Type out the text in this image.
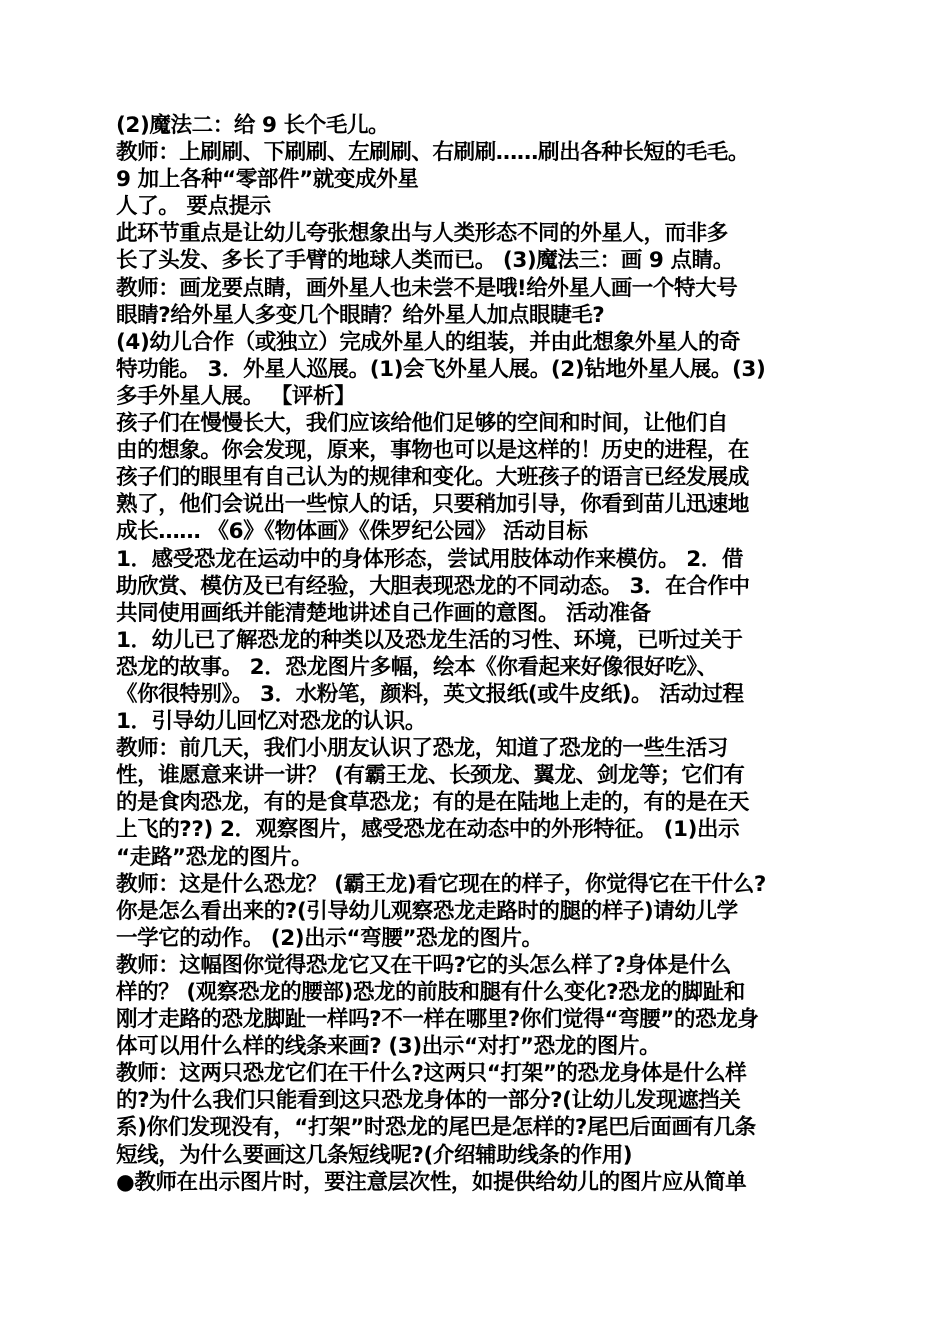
(2)魔法二：给 9 长个毛儿。
教师：上刷刷、下刷刷、左刷刷、右刷刷……刷出各种长短的毛毛。
9 加上各种“零部件”就变成外星
人了。 要点提示
此环节重点是让幼儿夸张想象出与人类形态不同的外星人，而非多
长了头发、多长了手臂的地球人类而已。 (3)魔法三：画 9 点睛。
教师：画龙要点睛，画外星人也未尝不是哦!给外星人画一个特大号
眼睛?给外星人多变几个眼睛？给外星人加点眼睫毛?
(4)幼儿合作（或独立）完成外星人的组装，并由此想象外星人的奇
特功能。 3．外星人巡展。(1)会飞外星人展。(2)钻地外星人展。(3)
多手外星人展。 【评析】
孩子们在慢慢长大，我们应该给他们足够的空间和时间，让他们自
由的想象。你会发现，原来，事物也可以是这样的！历史的进程，在
孩子们的眼里有自己认为的规律和变化。大班孩子的语言已经发展成
熟了，他们会说出一些惊人的话，只要稍加引导，你看到苗儿迅速地
成长…… 《6》《物体画》《侏罗纪公园》 活动目标
1．感受恐龙在运动中的身体形态，尝试用肢体动作来模仿。 2．借
助欣赏、模仿及已有经验，大胆表现恐龙的不同动态。 3．在合作中
共同使用画纸并能清楚地讲述自己作画的意图。 活动准备
1．幼儿已了解恐龙的种类以及恐龙生活的习性、环境，已听过关于
恐龙的故事。 2．恐龙图片多幅，绘本《你看起来好像很好吃》、
《你很特别》。 3．水粉笔，颜料，英文报纸(或牛皮纸)。 活动过程
1．引导幼儿回忆对恐龙的认识。
教师：前几天，我们小朋友认识了恐龙，知道了恐龙的一些生活习
性，谁愿意来讲一讲？ (有霸王龙、长颈龙、翼龙、剑龙等；它们有
的是食肉恐龙，有的是食草恐龙；有的是在陆地上走的，有的是在天
上飞的??) 2．观察图片，感受恐龙在动态中的外形特征。 (1)出示
“走路”恐龙的图片。
教师：这是什么恐龙？ (霸王龙)看它现在的样子，你觉得它在干什么?
你是怎么看出来的?(引导幼儿观察恐龙走路时的腿的样子)请幼儿学
一学它的动作。 (2)出示“弯腰”恐龙的图片。
教师：这幅图你觉得恐龙它又在干吗?它的头怎么样了?身体是什么
样的？ (观察恐龙的腰部)恐龙的前肢和腿有什么变化?恐龙的脚趾和
刚才走路的恐龙脚趾一样吗?不一样在哪里?你们觉得“弯腰”的恐龙身
体可以用什么样的线条来画? (3)出示“对打”恐龙的图片。
教师：这两只恐龙它们在干什么?这两只“打架”的恐龙身体是什么样
的?为什么我们只能看到这只恐龙身体的一部分?(让幼儿发现遮挡关
系)你们发现没有，“打架”时恐龙的尾巴是怎样的?尾巴后面画有几条
短线，为什么要画这几条短线呢?(介绍辅助线条的作用)
●教师在出示图片时，要注意层次性，如提供给幼儿的图片应从简单
